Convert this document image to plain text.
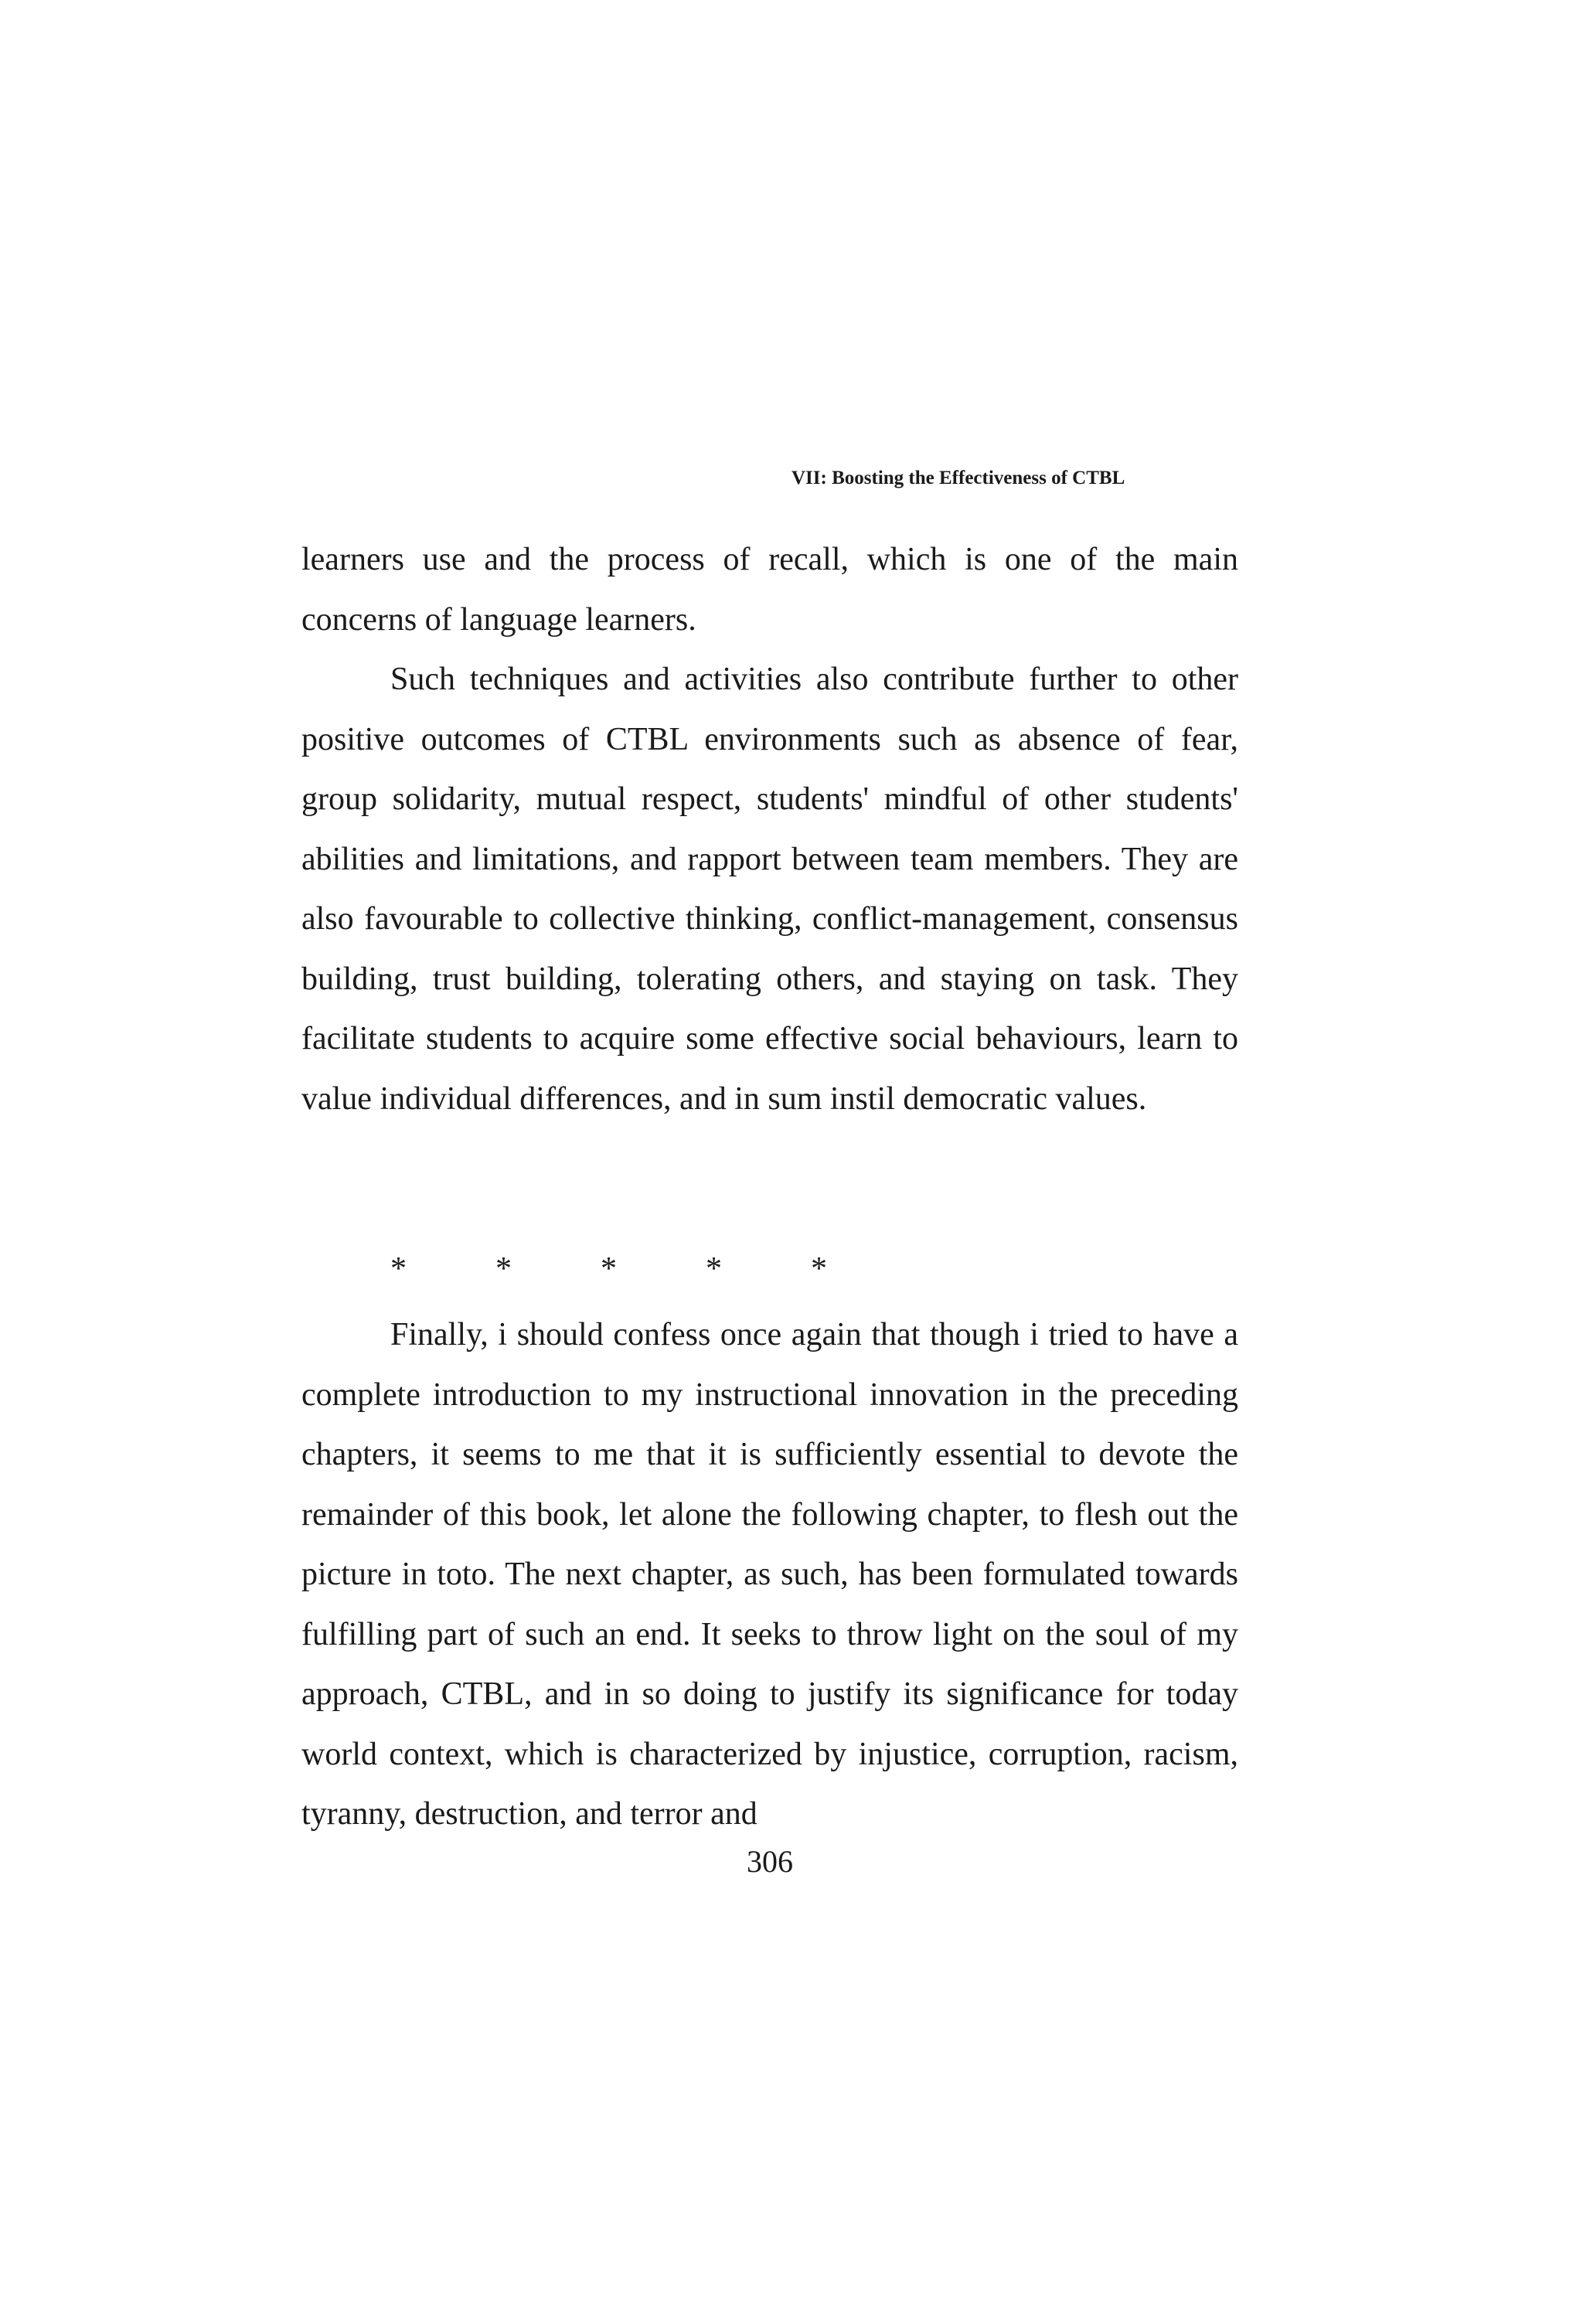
VII: Boosting the Effectiveness of CTBL

learners use and the process of recall, which is one of the main concerns of language learners.

Such techniques and activities also contribute further to other positive outcomes of CTBL environments such as absence of fear, group solidarity, mutual respect, students' mindful of other students' abilities and limitations, and rapport between team members. They are also favourable to collective thinking, conflict-management, consensus building, trust building, tolerating others, and staying on task. They facilitate students to acquire some effective social behaviours, learn to value individual differences, and in sum instil democratic values.

*	*	*	*	*

Finally, i should confess once again that though i tried to have a complete introduction to my instructional innovation in the preceding chapters, it seems to me that it is sufficiently essential to devote the remainder of this book, let alone the following chapter, to flesh out the picture in toto. The next chapter, as such, has been formulated towards fulfilling part of such an end. It seeks to throw light on the soul of my approach, CTBL, and in so doing to justify its significance for today world context, which is characterized by injustice, corruption, racism, tyranny, destruction, and terror and

306
